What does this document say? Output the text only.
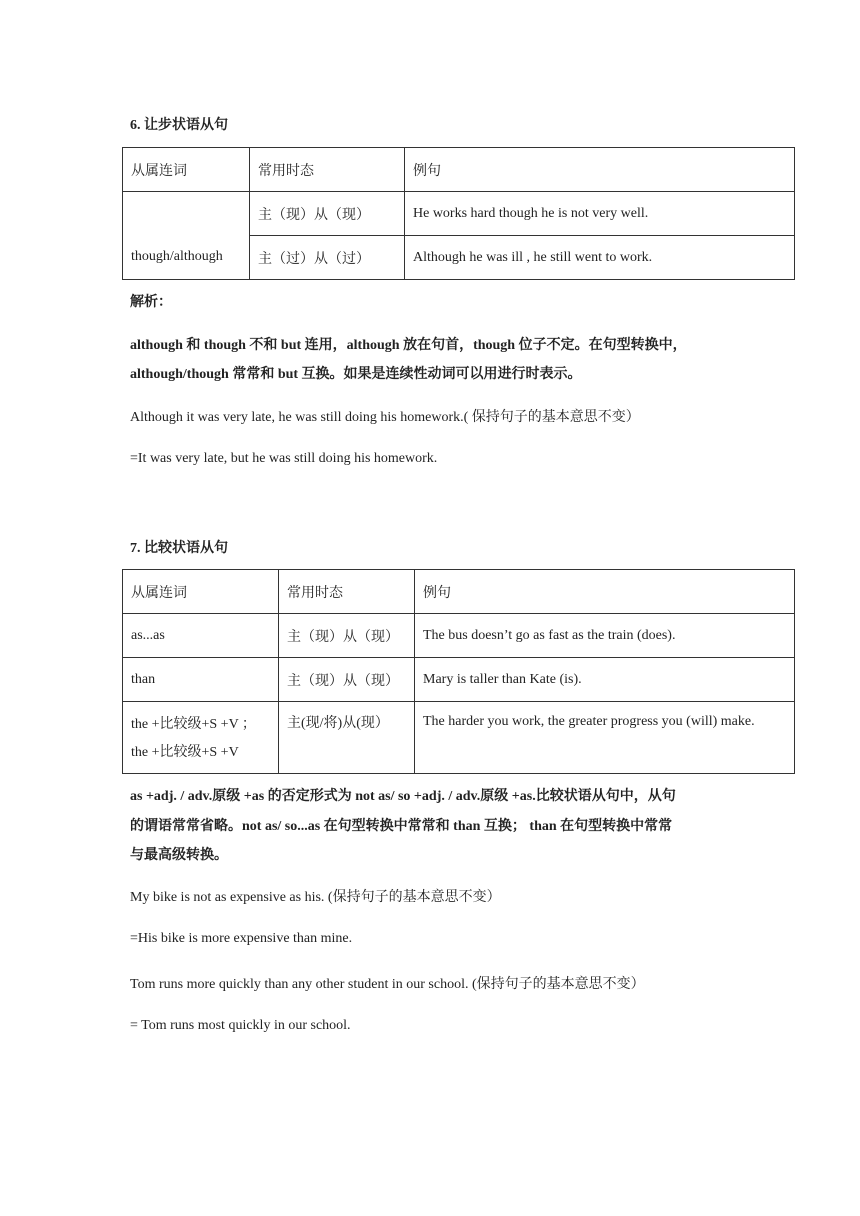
6. 让步状语从句
从属连词	常用时态	例句
though/although	主（现）从（现）	He works hard though he is not very well.
	主（过）从（过）	Although he was ill , he still went to work.
解析：
although 和 though 不和 but 连用，although 放在句首，though 位子不定。在句型转换中，
although/though 常常和 but 互换。如果是连续性动词可以用进行时表示。
Although it was very late, he was still doing his homework.( 保持句子的基本意思不变）
=It was very late, but he was still doing his homework.
7. 比较状语从句
从属连词	常用时态	例句
as...as	主（现）从（现）	The bus doesn’t go as fast as the train (does).
than	主（现）从（现）	Mary is taller than Kate (is).

the +比较级+S +V ；
the +比较级+S +V	主(现/将)从(现）	The harder you work, the greater progress you (will) make.
as +adj. / adv.原级 +as 的否定形式为 not as/ so +adj. / adv.原级 +as.比较状语从句中，从句
的谓语常常省略。not as/ so...as 在句型转换中常常和 than 互换； than 在句型转换中常常
与最高级转换。
My bike is not as expensive as his. (保持句子的基本意思不变）
=His bike is more expensive than mine.
Tom runs more quickly than any other student in our school. (保持句子的基本意思不变）
= Tom runs most quickly in our school.
